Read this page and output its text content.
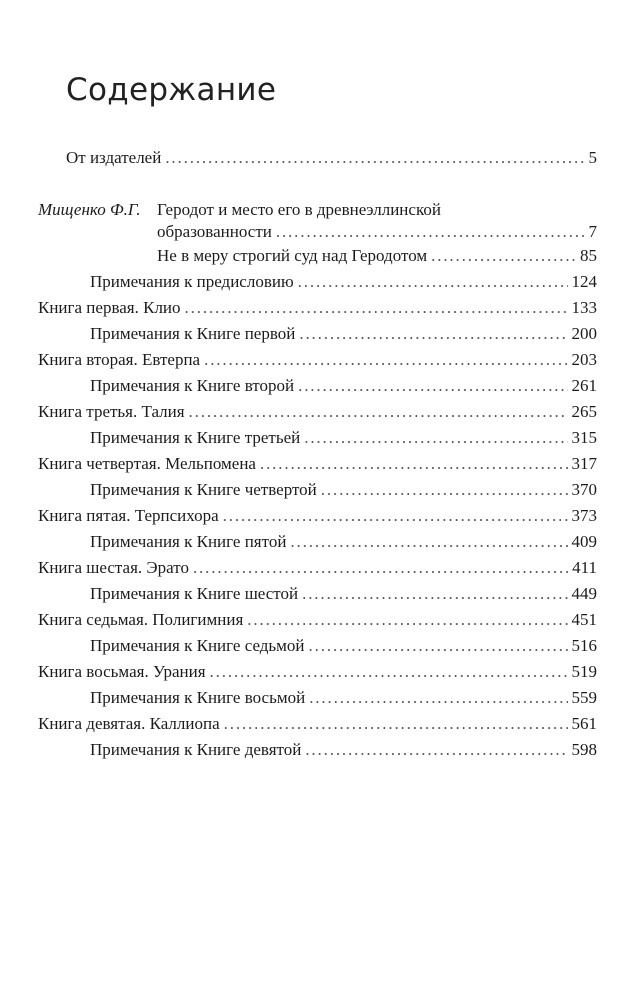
Содержание
От издателей . . .	5
Мищенко Ф.Г. Геродот и место его в древнеэллинской
образованности . . .	7
Не в меру строгий суд над Геродотом . . .	85
Примечания к предисловию . . .	124
Книга первая. Клио . . .	133
Примечания к Книге первой . . .	200
Книга вторая. Евтерпа . . .	203
Примечания к Книге второй . . .	261
Книга третья. Талия . . .	265
Примечания к Книге третьей . . .	315
Книга четвертая. Мельпомена . . .	317
Примечания к Книге четвертой . . .	370
Книга пятая. Терпсихора . . .	373
Примечания к Книге пятой . . .	409
Книга шестая. Эрато . . .	411
Примечания к Книге шестой . . .	449
Книга седьмая. Полигимния . . .	451
Примечания к Книге седьмой . . .	516
Книга восьмая. Урания . . .	519
Примечания к Книге восьмой . . .	559
Книга девятая. Каллиопа . . .	561
Примечания к Книге девятой . . .	598
